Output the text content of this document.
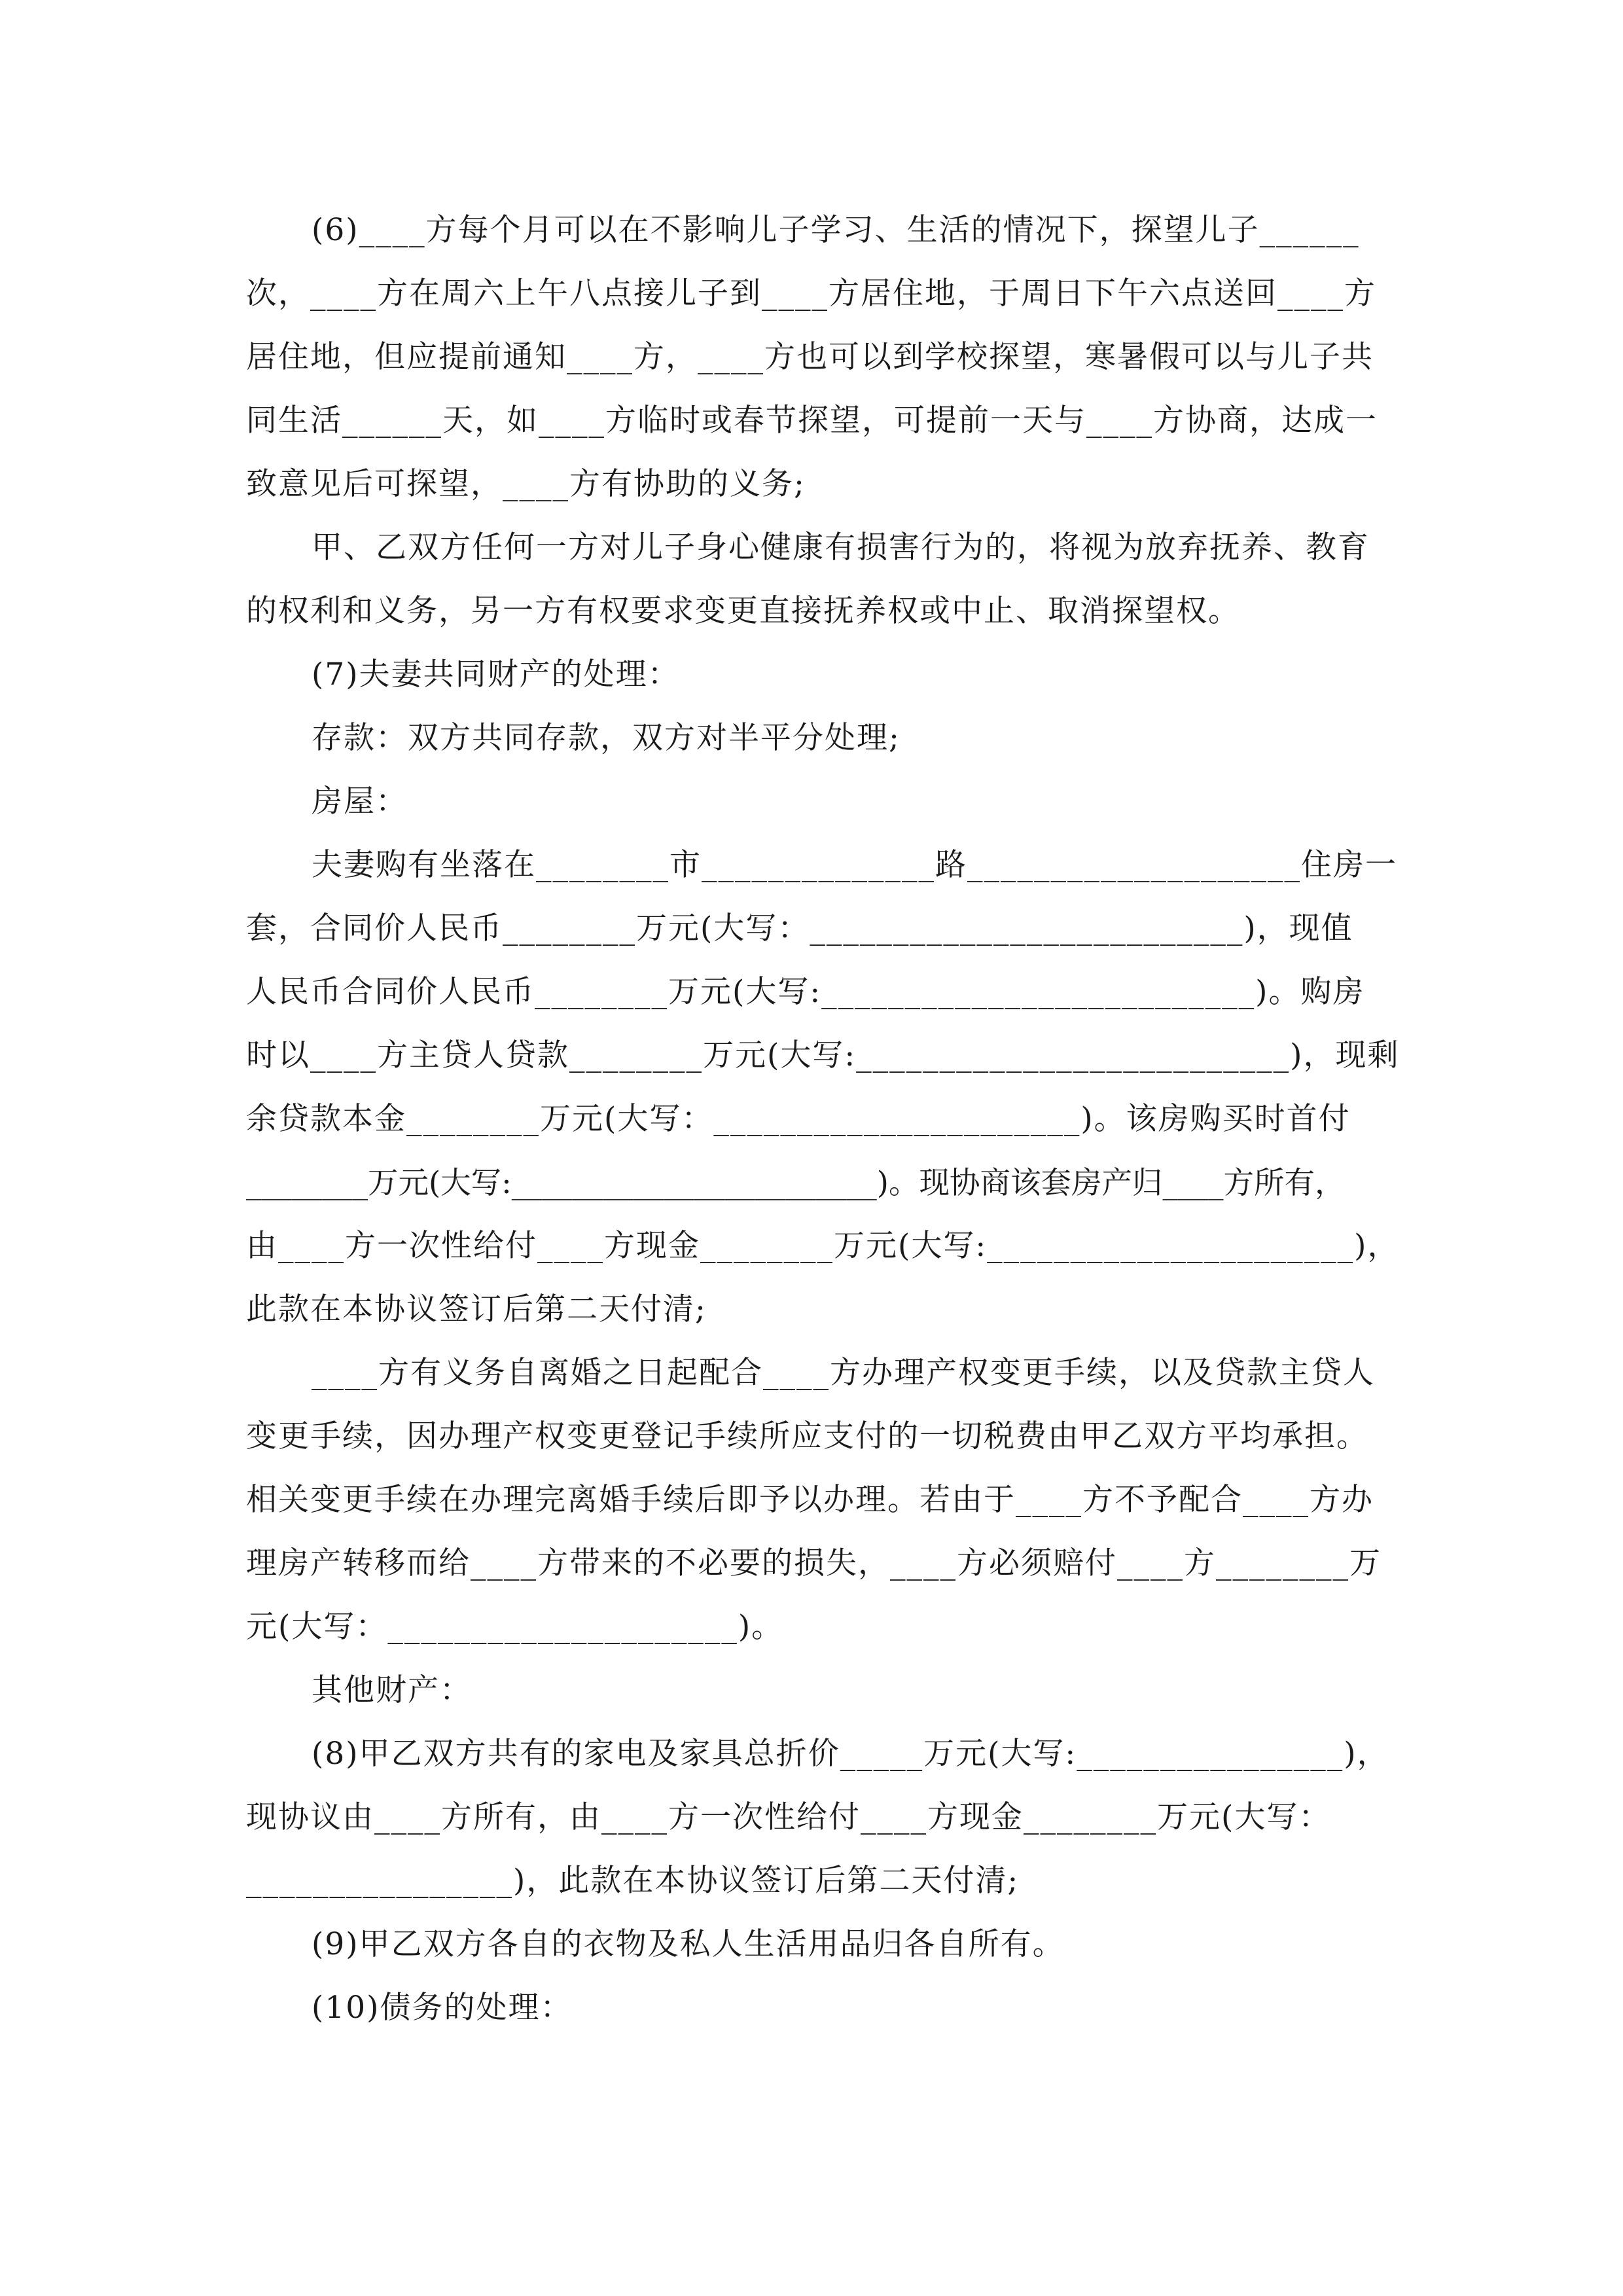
(6)____方每个月可以在不影响儿子学习、生活的情况下，探望儿子______

次，____方在周六上午八点接儿子到____方居住地，于周日下午六点送回____方

居住地，但应提前通知____方，____方也可以到学校探望，寒暑假可以与儿子共

同生活______天，如____方临时或春节探望，可提前一天与____方协商，达成一

致意见后可探望，____方有协助的义务;

甲、乙双方任何一方对儿子身心健康有损害行为的，将视为放弃抚养、教育

的权利和义务，另一方有权要求变更直接抚养权或中止、取消探望权。

(7)夫妻共同财产的处理：

存款：双方共同存款，双方对半平分处理;

房屋：

夫妻购有坐落在________市______________路____________________住房一

套，合同价人民币________万元(大写：__________________________)，现值

人民币合同价人民币________万元(大写:__________________________)。购房

时以____方主贷人贷款________万元(大写:__________________________)，现剩

余贷款本金________万元(大写：______________________)。该房购买时首付

________万元(大写:________________________)。现协商该套房产归____方所有，

由____方一次性给付____方现金________万元(大写:______________________)，

此款在本协议签订后第二天付清;

____方有义务自离婚之日起配合____方办理产权变更手续，以及贷款主贷人

变更手续，因办理产权变更登记手续所应支付的一切税费由甲乙双方平均承担。

相关变更手续在办理完离婚手续后即予以办理。若由于____方不予配合____方办

理房产转移而给____方带来的不必要的损失，____方必须赔付____方________万

元(大写：_____________________)。

其他财产：

(8)甲乙双方共有的家电及家具总折价_____万元(大写:________________)，

现协议由____方所有，由____方一次性给付____方现金________万元(大写：

________________)，此款在本协议签订后第二天付清;

(9)甲乙双方各自的衣物及私人生活用品归各自所有。

(10)债务的处理：
